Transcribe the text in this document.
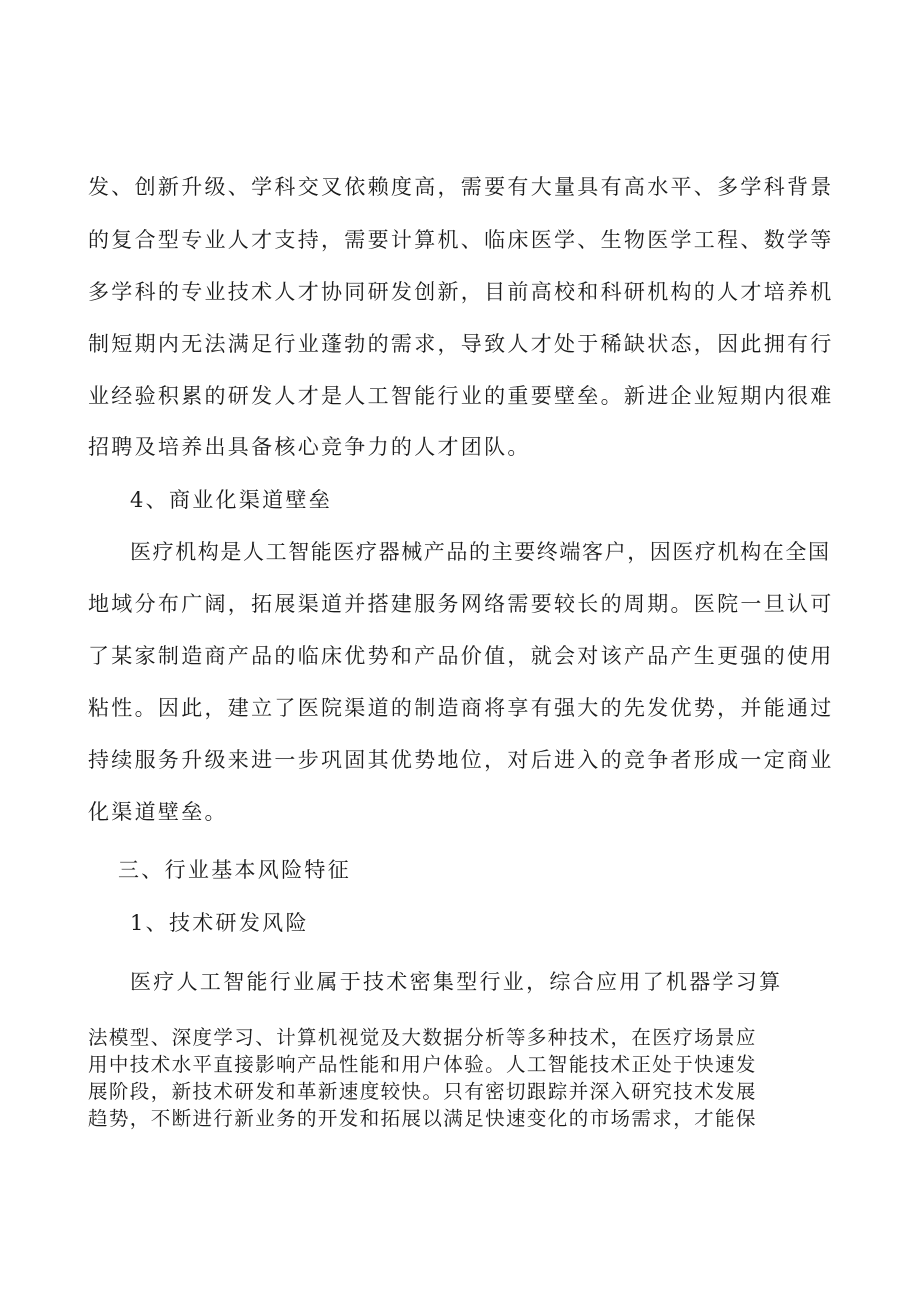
发、创新升级、学科交叉依赖度高，需要有大量具有高水平、多学科背景
的复合型专业人才支持，需要计算机、临床医学、生物医学工程、数学等
多学科的专业技术人才协同研发创新，目前高校和科研机构的人才培养机
制短期内无法满足行业蓬勃的需求，导致人才处于稀缺状态，因此拥有行
业经验积累的研发人才是人工智能行业的重要壁垒。新进企业短期内很难
招聘及培养出具备核心竞争力的人才团队。
4、商业化渠道壁垒
医疗机构是人工智能医疗器械产品的主要终端客户，因医疗机构在全国
地域分布广阔，拓展渠道并搭建服务网络需要较长的周期。医院一旦认可
了某家制造商产品的临床优势和产品价值，就会对该产品产生更强的使用
粘性。因此，建立了医院渠道的制造商将享有强大的先发优势，并能通过
持续服务升级来进一步巩固其优势地位，对后进入的竞争者形成一定商业
化渠道壁垒。
三、行业基本风险特征
1、技术研发风险
医疗人工智能行业属于技术密集型行业，综合应用了机器学习算
法模型、深度学习、计算机视觉及大数据分析等多种技术，在医疗场景应
用中技术水平直接影响产品性能和用户体验。人工智能技术正处于快速发
展阶段，新技术研发和革新速度较快。只有密切跟踪并深入研究技术发展
趋势，不断进行新业务的开发和拓展以满足快速变化的市场需求，才能保
